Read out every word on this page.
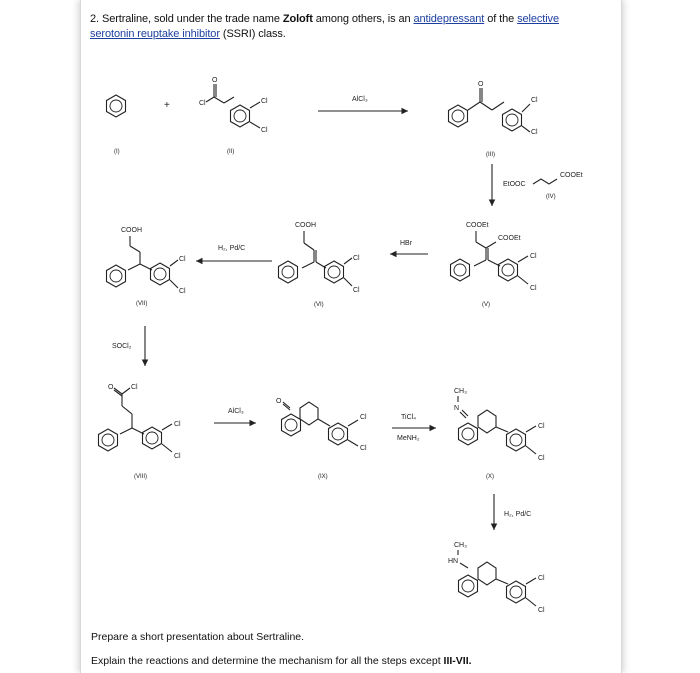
2. Sertraline, sold under the trade name Zoloft among others, is an antidepressant of the selective
serotonin reuptake inhibitor (SSRI) class.
+	Cl
O
Cl
Cl
(I)	(II)
AlCl₃
O
Cl
Cl
(III)
EtOOC
COOEt
(IV)
COOH
Cl
Cl
(VII)
H₂, Pd/C
COOH
Cl
Cl
(VI)
HBr
COOEt
COOEt
Cl
Cl
(V)
SOCl₂
O	Cl
Cl
Cl
(VIII)
AlCl₃
O
Cl
Cl
(IX)
TiCl₄
MeNH₂
CH₃
N
Cl
Cl
(X)
H₂, Pd/C
CH₃
HN
Cl
Cl
Prepare a short presentation about Sertraline.
Explain the reactions and determine the mechanism for all the steps except III-VII.
